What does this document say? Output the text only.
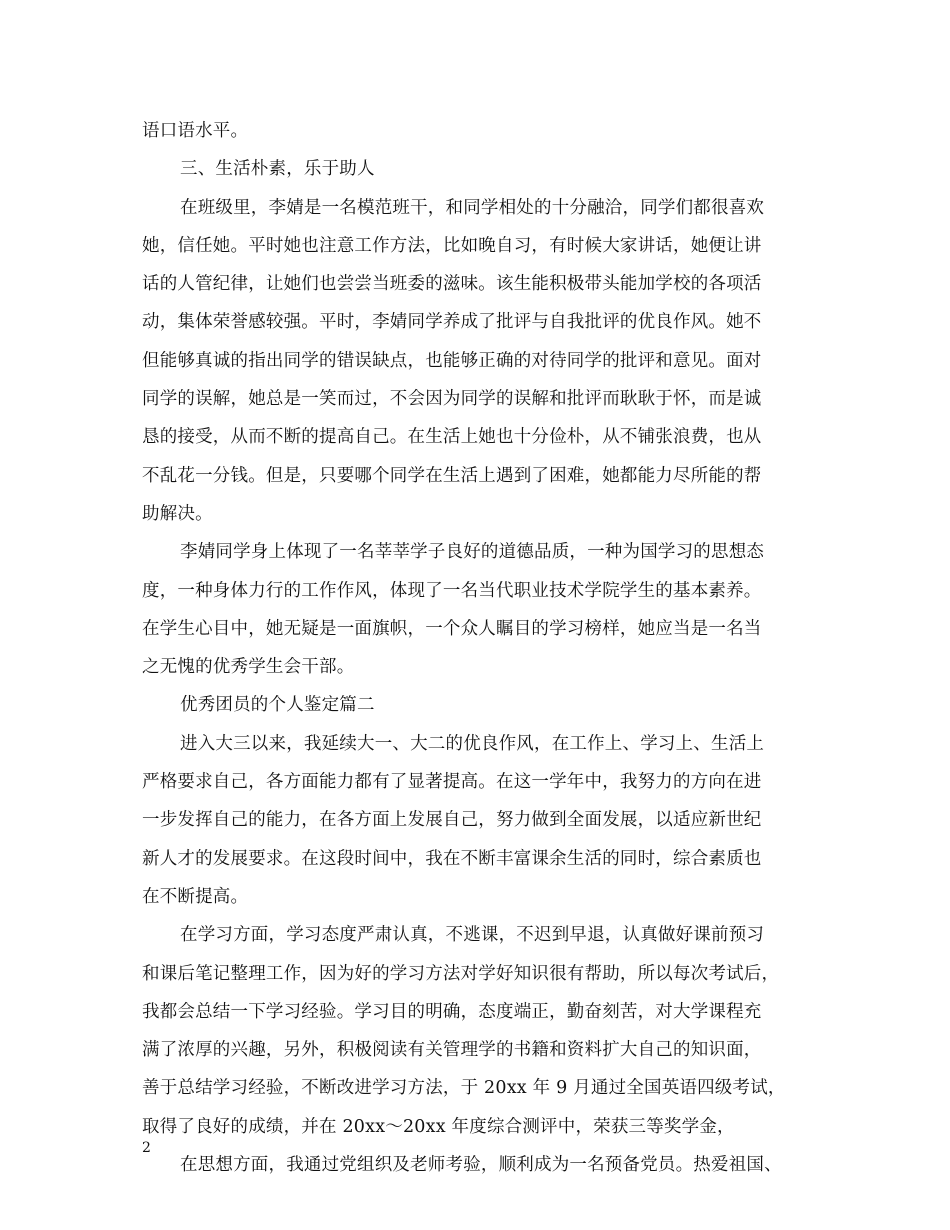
语口语水平。
三、生活朴素，乐于助人
在班级里，李婧是一名模范班干，和同学相处的十分融洽，同学们都很喜欢
她，信任她。平时她也注意工作方法，比如晚自习，有时候大家讲话，她便让讲
话的人管纪律，让她们也尝尝当班委的滋味。该生能积极带头能加学校的各项活
动，集体荣誉感较强。平时，李婧同学养成了批评与自我批评的优良作风。她不
但能够真诚的指出同学的错误缺点，也能够正确的对待同学的批评和意见。面对
同学的误解，她总是一笑而过，不会因为同学的误解和批评而耿耿于怀，而是诚
恳的接受，从而不断的提高自己。在生活上她也十分俭朴，从不铺张浪费，也从
不乱花一分钱。但是，只要哪个同学在生活上遇到了困难，她都能力尽所能的帮
助解决。
李婧同学身上体现了一名莘莘学子良好的道德品质，一种为国学习的思想态
度，一种身体力行的工作作风，体现了一名当代职业技术学院学生的基本素养。
在学生心目中，她无疑是一面旗帜，一个众人瞩目的学习榜样，她应当是一名当
之无愧的优秀学生会干部。
优秀团员的个人鉴定篇二
进入大三以来，我延续大一、大二的优良作风，在工作上、学习上、生活上
严格要求自己，各方面能力都有了显著提高。在这一学年中，我努力的方向在进
一步发挥自己的能力，在各方面上发展自己，努力做到全面发展，以适应新世纪
新人才的发展要求。在这段时间中，我在不断丰富课余生活的同时，综合素质也
在不断提高。
在学习方面，学习态度严肃认真，不逃课，不迟到早退，认真做好课前预习
和课后笔记整理工作，因为好的学习方法对学好知识很有帮助，所以每次考试后，
我都会总结一下学习经验。学习目的明确，态度端正，勤奋刻苦，对大学课程充
满了浓厚的兴趣，另外，积极阅读有关管理学的书籍和资料扩大自己的知识面，
善于总结学习经验，不断改进学习方法，于 20xx 年 9 月通过全国英语四级考试，
取得了良好的成绩，并在 20xx～20xx 年度综合测评中，荣获三等奖学金，
在思想方面，我通过党组织及老师考验，顺利成为一名预备党员。热爱祖国、
2
